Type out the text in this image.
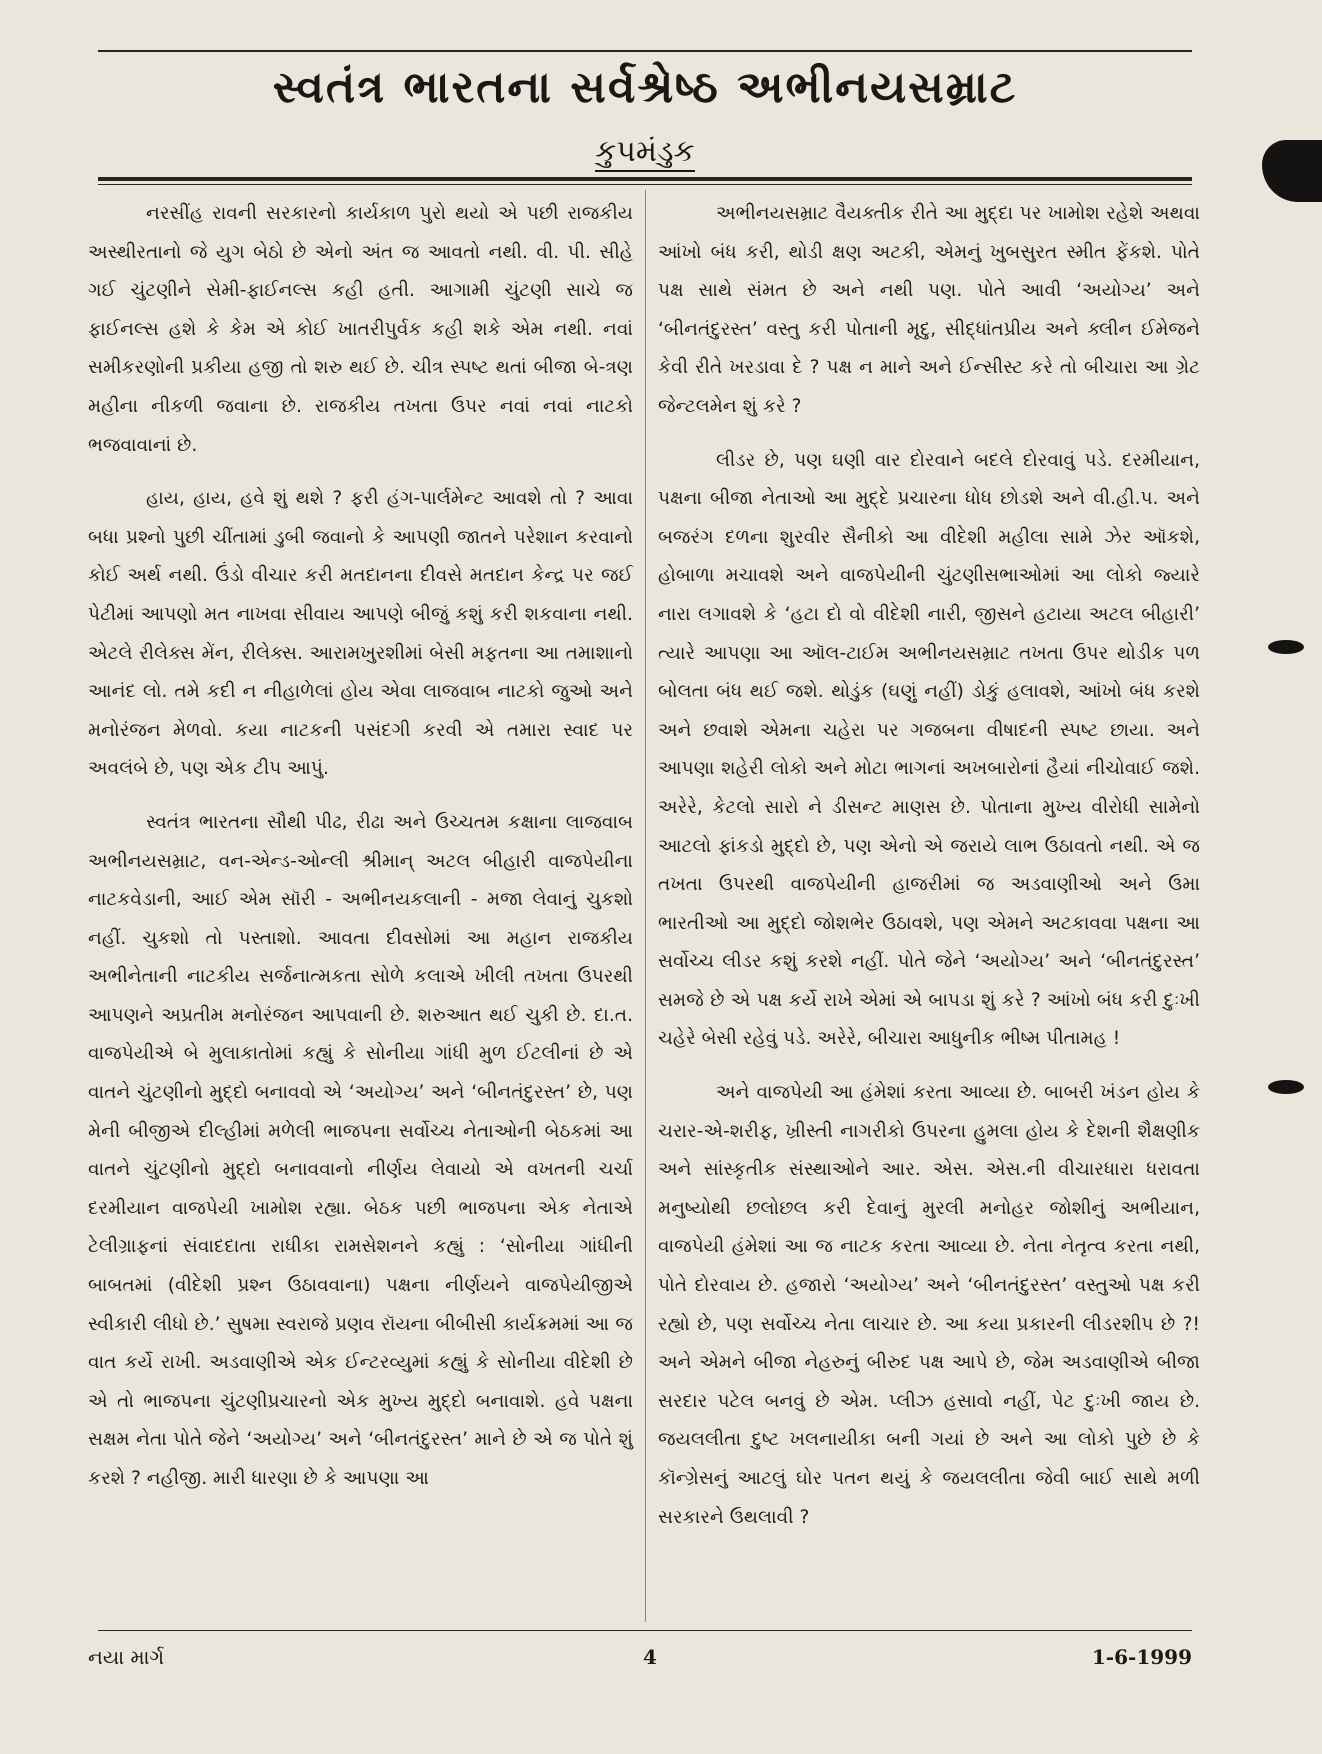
સ્વતંત્ર ભારતના સર્વશ્રેષ્ઠ અભીનયસમ્રાટ
કુપમંડુક

નરસીંહ રાવની સરકારનો કાર્યકાળ પુરો થયો એ પછી રાજકીય અસ્થીરતાનો જે યુગ બેઠો છે એનો અંત જ આવતો નથી. વી. પી. સીહે ગઈ ચુંટણીને સેમી-ફાઈનલ્સ કહી હતી. આગામી ચુંટણી સાચે જ ફાઈનલ્સ હશે કે કેમ એ કોઈ ખાતરીપુર્વક કહી શકે એમ નથી. નવાં સમીકરણોની પ્રકીયા હજી તો શરુ થઈ છે. ચીત્ર સ્પષ્ટ થતાં બીજા બે-ત્રણ મહીના નીકળી જવાના છે. રાજકીય તખતા ઉપર નવાં નવાં નાટકો ભજવાવાનાં છે.

હાય, હાય, હવે શું થશે ? ફરી હંગ-પાર્લમેન્ટ આવશે તો ? આવા બધા પ્રશ્નો પુછી ચીંતામાં ડુબી જવાનો કે આપણી જાતને પરેશાન કરવાનો કોઈ અર્થ નથી. ઉંડો વીચાર કરી મતદાનના દીવસે મતદાન કેન્દ્ર પર જઈ પેટીમાં આપણો મત નાખવા સીવાય આપણે બીજું કશું કરી શકવાના નથી. એટલે રીલેક્સ મેંન, રીલેક્સ. આરામખુરશીમાં બેસી મફતના આ તમાશાનો આનંદ લો. તમે કદી ન નીહાળેલાં હોય એવા લાજવાબ નાટકો જુઓ અને મનોરંજન મેળવો. કયા નાટકની પસંદગી કરવી એ તમારા સ્વાદ પર અવલંબે છે, પણ એક ટીપ આપું.

સ્વતંત્ર ભારતના સૌથી પીઢ, રીઢા અને ઉચ્ચતમ કક્ષાના લાજવાબ અભીનયસમ્રાટ, વન-એન્ડ-ઓન્લી શ્રીમાન્ અટલ બીહારી વાજપેયીના નાટકવેડાની, આઈ એમ સૉરી - અભીનયકલાની - મજા લેવાનું ચુકશો નહીં. ચુકશો તો પસ્તાશો. આવતા દીવસોમાં આ મહાન રાજકીય અભીનેતાની નાટકીય સર્જનાત્મકતા સોળે કલાએ ખીલી તખતા ઉપરથી આપણને અપ્રતીમ મનોરંજન આપવાની છે. શરુઆત થઈ ચુકી છે. દા.ત. વાજપેયીએ બે મુલાકાતોમાં કહ્યું કે સોનીયા ગાંધી મુળ ઈટલીનાં છે એ વાતને ચુંટણીનો મુદ્દો બનાવવો એ ‘અયોગ્ય’ અને ‘બીનતંદુરસ્ત’ છે, પણ મેની બીજીએ દીલ્હીમાં મળેલી ભાજપના સર્વોચ્ચ નેતાઓની બેઠકમાં આ વાતને ચુંટણીનો મુદ્દો બનાવવાનો નીર્ણય લેવાયો એ વખતની ચર્ચા દરમીયાન વાજપેયી ખામોશ રહ્યા. બેઠક પછી ભાજપના એક નેતાએ ટેલીગ્રાફનાં સંવાદદાતા રાધીકા રામસેશનને કહ્યું : ‘સોનીયા ગાંધીની બાબતમાં (વીદેશી પ્રશ્ન ઉઠાવવાના) પક્ષના નીર્ણયને વાજપેયીજીએ સ્વીકારી લીધો છે.’ સુષમા સ્વરાજે પ્રણવ રૉયના બીબીસી કાર્યક્રમમાં આ જ વાત કર્યે રાખી. અડવાણીએ એક ઈન્ટરવ્યુમાં કહ્યું કે સોનીયા વીદેશી છે એ તો ભાજપના ચુંટણીપ્રચારનો એક મુખ્ય મુદ્દો બનાવાશે. હવે પક્ષના સક્ષમ નેતા પોતે જેને ‘અયોગ્ય’ અને ‘બીનતંદુરસ્ત’ માને છે એ જ પોતે શું કરશે ? નહીજી. મારી ધારણા છે કે આપણા આ

અભીનયસમ્રાટ વૈયક્તીક રીતે આ મુદ્દા પર ખામોશ રહેશે અથવા આંખો બંધ કરી, થોડી ક્ષણ અટકી, એમનું ખુબસુરત સ્મીત ફેંકશે. પોતે પક્ષ સાથે સંમત છે અને નથી પણ. પોતે આવી ‘અયોગ્ય’ અને ‘બીનતંદુરસ્ત’ વસ્તુ કરી પોતાની મૃદુ, સીદ્ધાંતપ્રીય અને ક્લીન ઈમેજને કેવી રીતે ખરડાવા દે ? પક્ષ ન માને અને ઈન્સીસ્ટ કરે તો બીચારા આ ગ્રેટ જેન્ટલમેન શું કરે ?

લીડર છે, પણ ઘણી વાર દોરવાને બદલે દોરવાવું પડે. દરમીયાન, પક્ષના બીજા નેતાઓ આ મુદ્દે પ્રચારના ધોધ છોડશે અને વી.હી.પ. અને બજરંગ દળના શુરવીર સૈનીકો આ વીદેશી મહીલા સામે ઝેર ઑકશે, હોબાળા મચાવશે અને વાજપેયીની ચુંટણીસભાઓમાં આ લોકો જ્યારે નારા લગાવશે કે ‘હટા દો વો વીદેશી નારી, જીસને હટાયા અટલ બીહારી’ ત્યારે આપણા આ ઑલ-ટાઈમ અભીનયસમ્રાટ તખતા ઉપર થોડીક પળ બોલતા બંધ થઈ જશે. થોડુંક (ઘણું નહીં) ડોકું હલાવશે, આંખો બંધ કરશે અને છવાશે એમના ચહેરા પર ગજબના વીષાદની સ્પષ્ટ છાયા. અને આપણા શહેરી લોકો અને મોટા ભાગનાં અખબારોનાં હૈયાં નીચોવાઈ જશે. અરેરે, કેટલો સારો ને ડીસન્ટ માણસ છે. પોતાના મુખ્ય વીરોધી સામેનો આટલો ફાંકડો મુદ્દો છે, પણ એનો એ જરાયે લાભ ઉઠાવતો નથી. એ જ તખતા ઉપરથી વાજપેયીની હાજરીમાં જ અડવાણીઓ અને ઉમા ભારતીઓ આ મુદ્દો જોશભેર ઉઠાવશે, પણ એમને અટકાવવા પક્ષના આ સર્વોચ્ચ લીડર કશું કરશે નહીં. પોતે જેને ‘અયોગ્ય’ અને ‘બીનતંદુરસ્ત’ સમજે છે એ પક્ષ કર્યે રાખે એમાં એ બાપડા શું કરે ? આંખો બંધ કરી દુઃખી ચહેરે બેસી રહેવું પડે. અરેરે, બીચારા આધુનીક ભીષ્મ પીતામહ !

અને વાજપેયી આ હંમેશાં કરતા આવ્યા છે. બાબરી ખંડન હોય કે ચરાર-એ-શરીફ, ખ્રીસ્તી નાગરીકો ઉપરના હુમલા હોય કે દેશની શૈક્ષણીક અને સાંસ્કૃતીક સંસ્થાઓને આર. એસ. એસ.ની વીચારધારા ધરાવતા મનુષ્યોથી છલોછલ કરી દેવાનું મુરલી મનોહર જોશીનું અભીયાન, વાજપેયી હંમેશાં આ જ નાટક કરતા આવ્યા છે. નેતા નેતૃત્વ કરતા નથી, પોતે દોરવાય છે. હજારો ‘અયોગ્ય’ અને ‘બીનતંદુરસ્ત’ વસ્તુઓ પક્ષ કરી રહ્યો છે, પણ સર્વોચ્ચ નેતા લાચાર છે. આ કયા પ્રકારની લીડરશીપ છે ?! અને એમને બીજા નેહરુનું બીરુદ પક્ષ આપે છે, જેમ અડવાણીએ બીજા સરદાર પટેલ બનવું છે એમ. પ્લીઝ હસાવો નહીં, પેટ દુઃખી જાય છે. જયલલીતા દુષ્ટ ખલનાયીકા બની ગયાં છે અને આ લોકો પુછે છે કે કૉન્ગ્રેસનું આટલું ઘોર પતન થયું કે જયલલીતા જેવી બાઈ સાથે મળી સરકારને ઉથલાવી ?

નયા માર્ગ	4	1-6-1999
